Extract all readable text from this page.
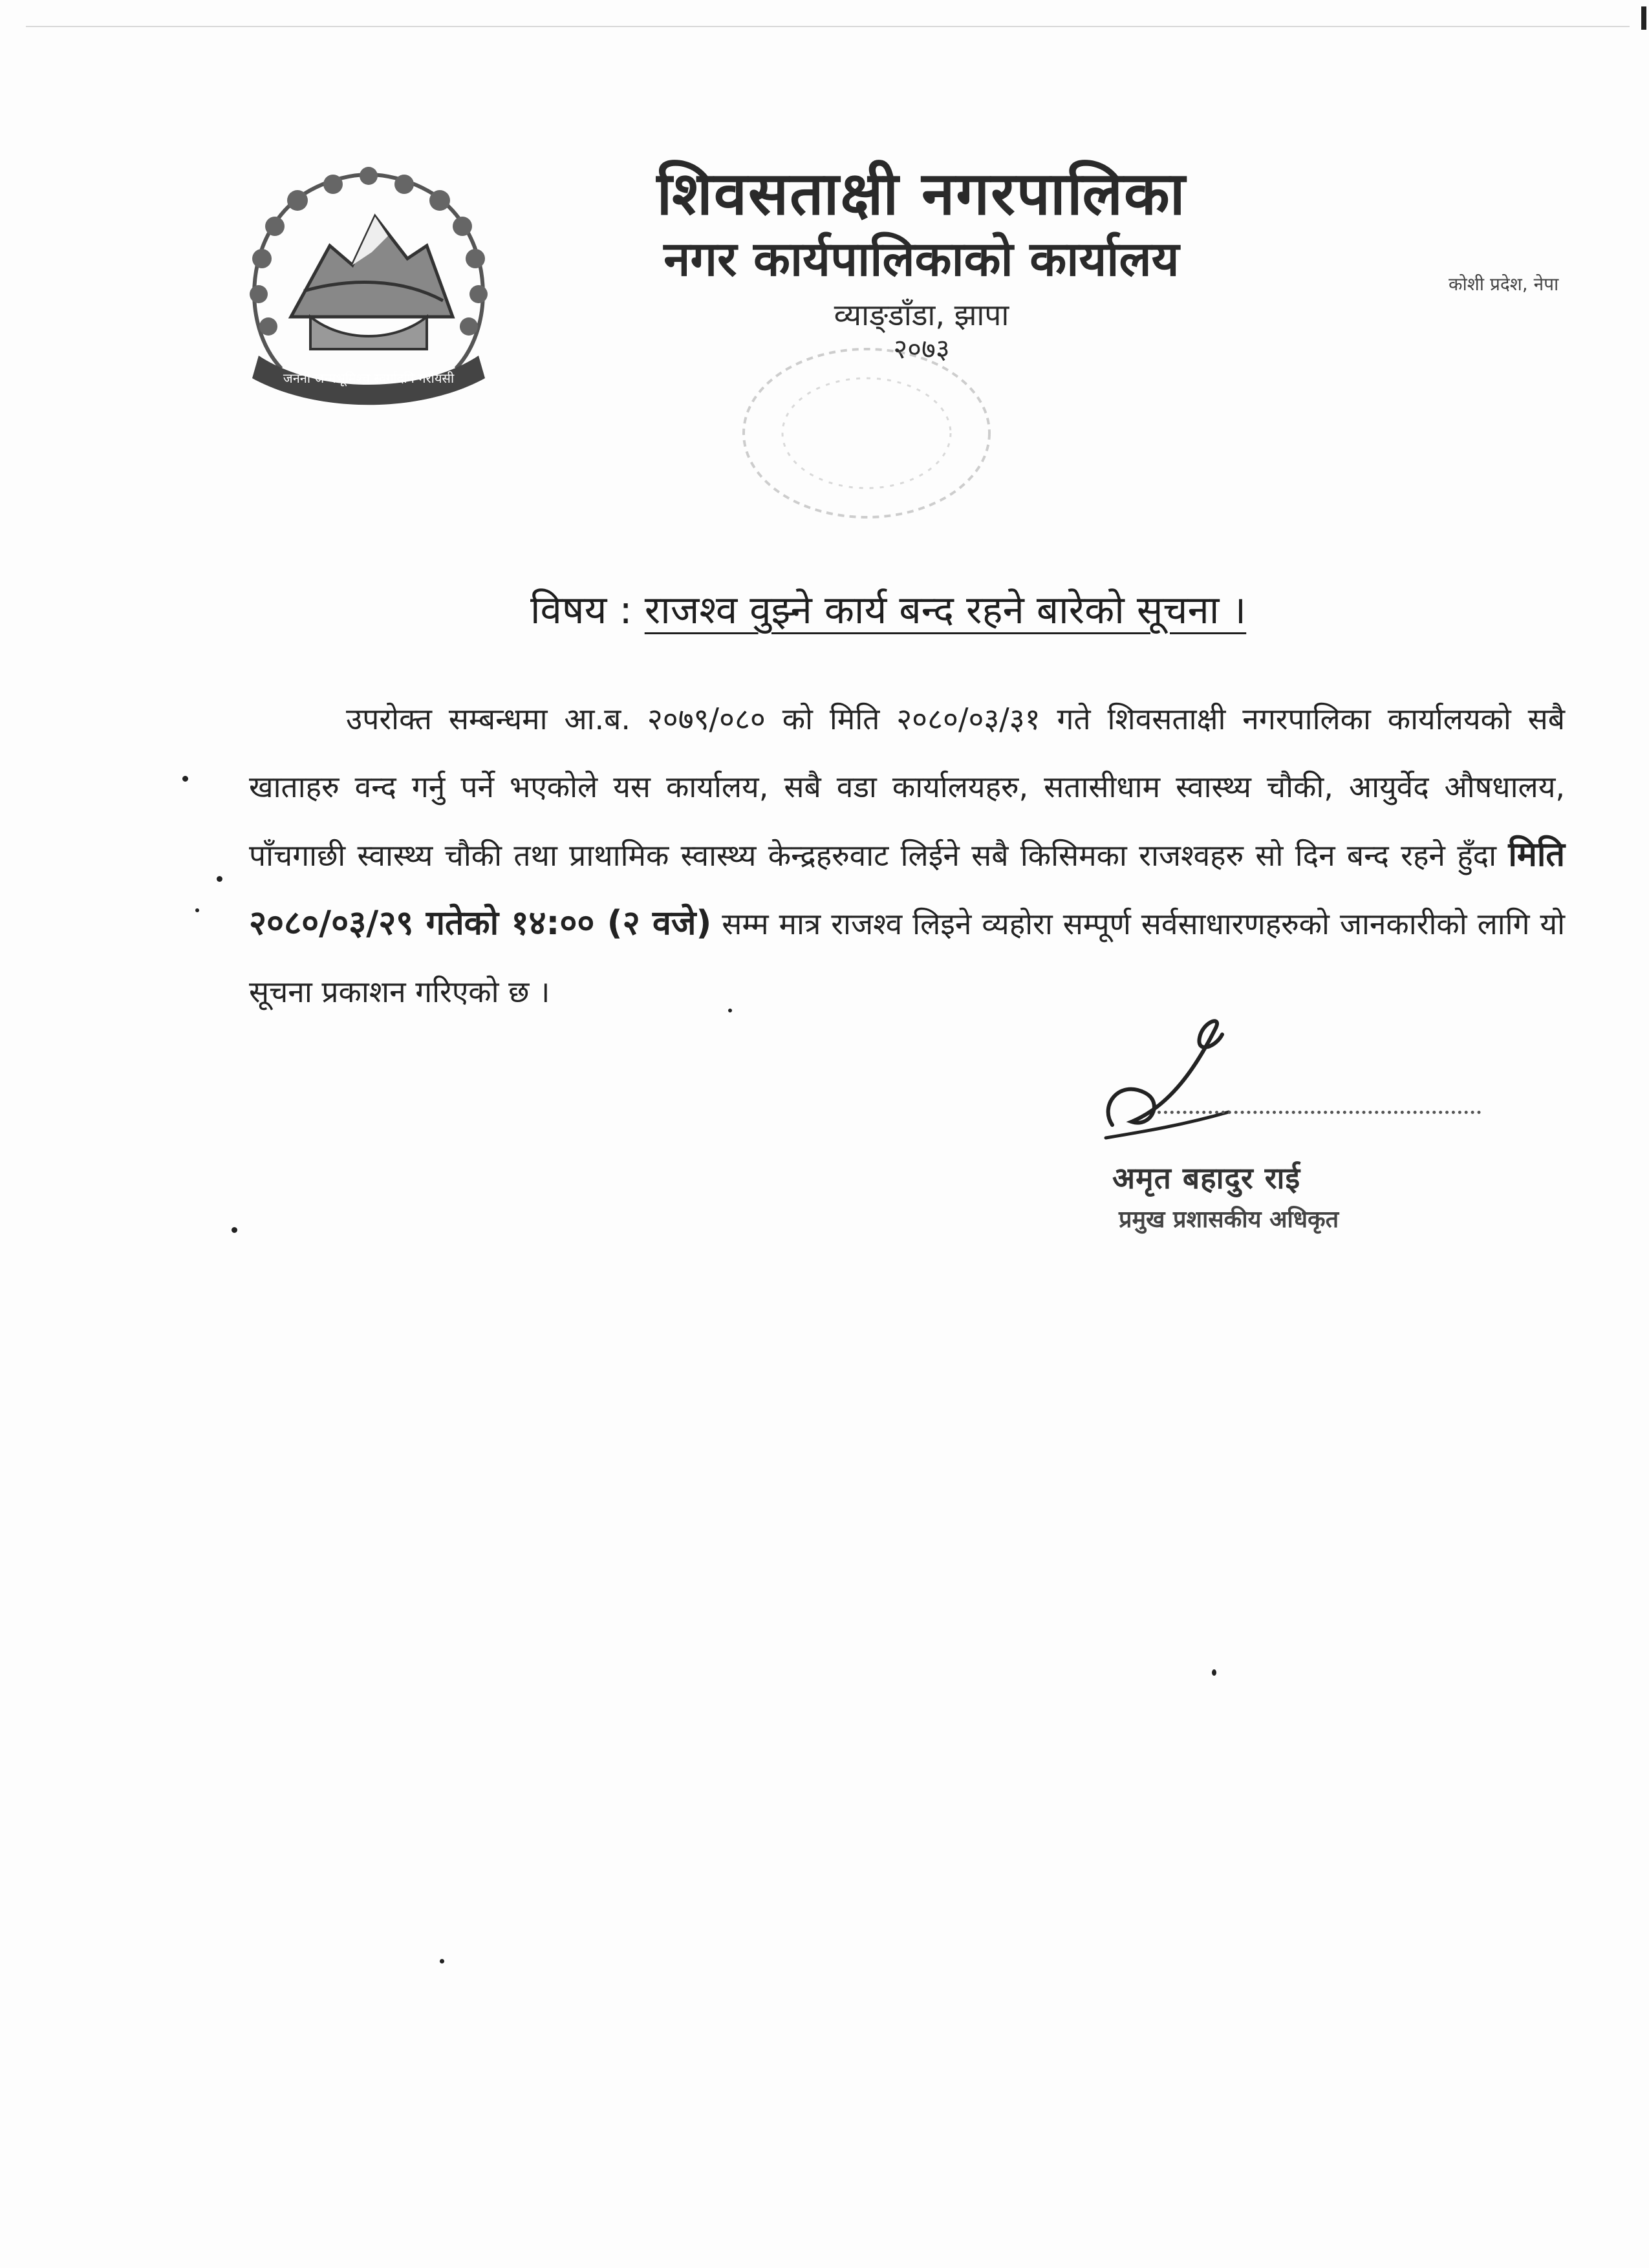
जननी जन्मभूमिश्च स्वर्गादपि गरीयसी

शिवसताक्षी नगरपालिका

नगर कार्यपालिकाको कार्यालय

व्याङ्डाँडा, झापा

२०७३

कोशी प्रदेश, नेपा
विषय : राजश्व वुझ्ने कार्य बन्द रहने बारेको सूचना ।

उपरोक्त सम्बन्धमा आ.ब. २०७९/०८० को मिति २०८०/०३/३१ गते शिवसताक्षी नगरपालिका कार्यालयको सबै खाताहरु वन्द गर्नु पर्ने भएकोले यस कार्यालय, सबै वडा कार्यालयहरु, सतासीधाम स्वास्थ्य चौकी, आयुर्वेद औषधालय, पाँचगाछी स्वास्थ्य चौकी तथा प्राथामिक स्वास्थ्य केन्द्रहरुवाट लिईने सबै किसिमका राजश्वहरु सो दिन बन्द रहने हुँदा मिति २०८०/०३/२९ गतेको १४:०० (२ वजे) सम्म मात्र राजश्व लिइने व्यहोरा सम्पूर्ण सर्वसाधारणहरुको जानकारीको लागि यो सूचना प्रकाशन गरिएको छ ।

अमृत बहादुर राई
प्रमुख प्रशासकीय अधिकृत
